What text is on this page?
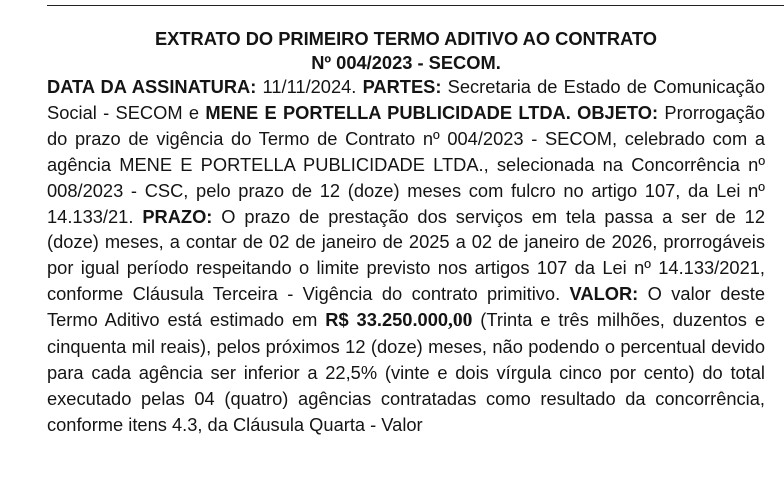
EXTRATO DO PRIMEIRO TERMO ADITIVO AO CONTRATO
Nº 004/2023 - SECOM.

DATA DA ASSINATURA: 11/11/2024. PARTES: Secretaria de Estado de Comunicação Social - SECOM e MENE E PORTELLA PUBLICIDADE LTDA. OBJETO: Prorrogação do prazo de vigência do Termo de Contrato nº 004/2023 - SECOM, celebrado com a agência MENE E PORTELLA PUBLICIDADE LTDA., selecionada na Concorrência nº 008/2023 - CSC, pelo prazo de 12 (doze) meses com fulcro no artigo 107, da Lei nº 14.133/21. PRAZO: O prazo de prestação dos serviços em tela passa a ser de 12 (doze) meses, a contar de 02 de janeiro de 2025 a 02 de janeiro de 2026, prorrogáveis por igual período respeitando o limite previsto nos artigos 107 da Lei nº 14.133/2021, conforme Cláusula Terceira - Vigência do contrato primitivo. VALOR: O valor deste Termo Aditivo está estimado em R$ 33.250.000,00 (Trinta e três milhões, duzentos e cinquenta mil reais), pelos próximos 12 (doze) meses, não podendo o percentual devido para cada agência ser inferior a 22,5% (vinte e dois vírgula cinco por cento) do total executado pelas 04 (quatro) agências contratadas como resultado da concorrência, conforme itens 4.3, da Cláusula Quarta - Valor
